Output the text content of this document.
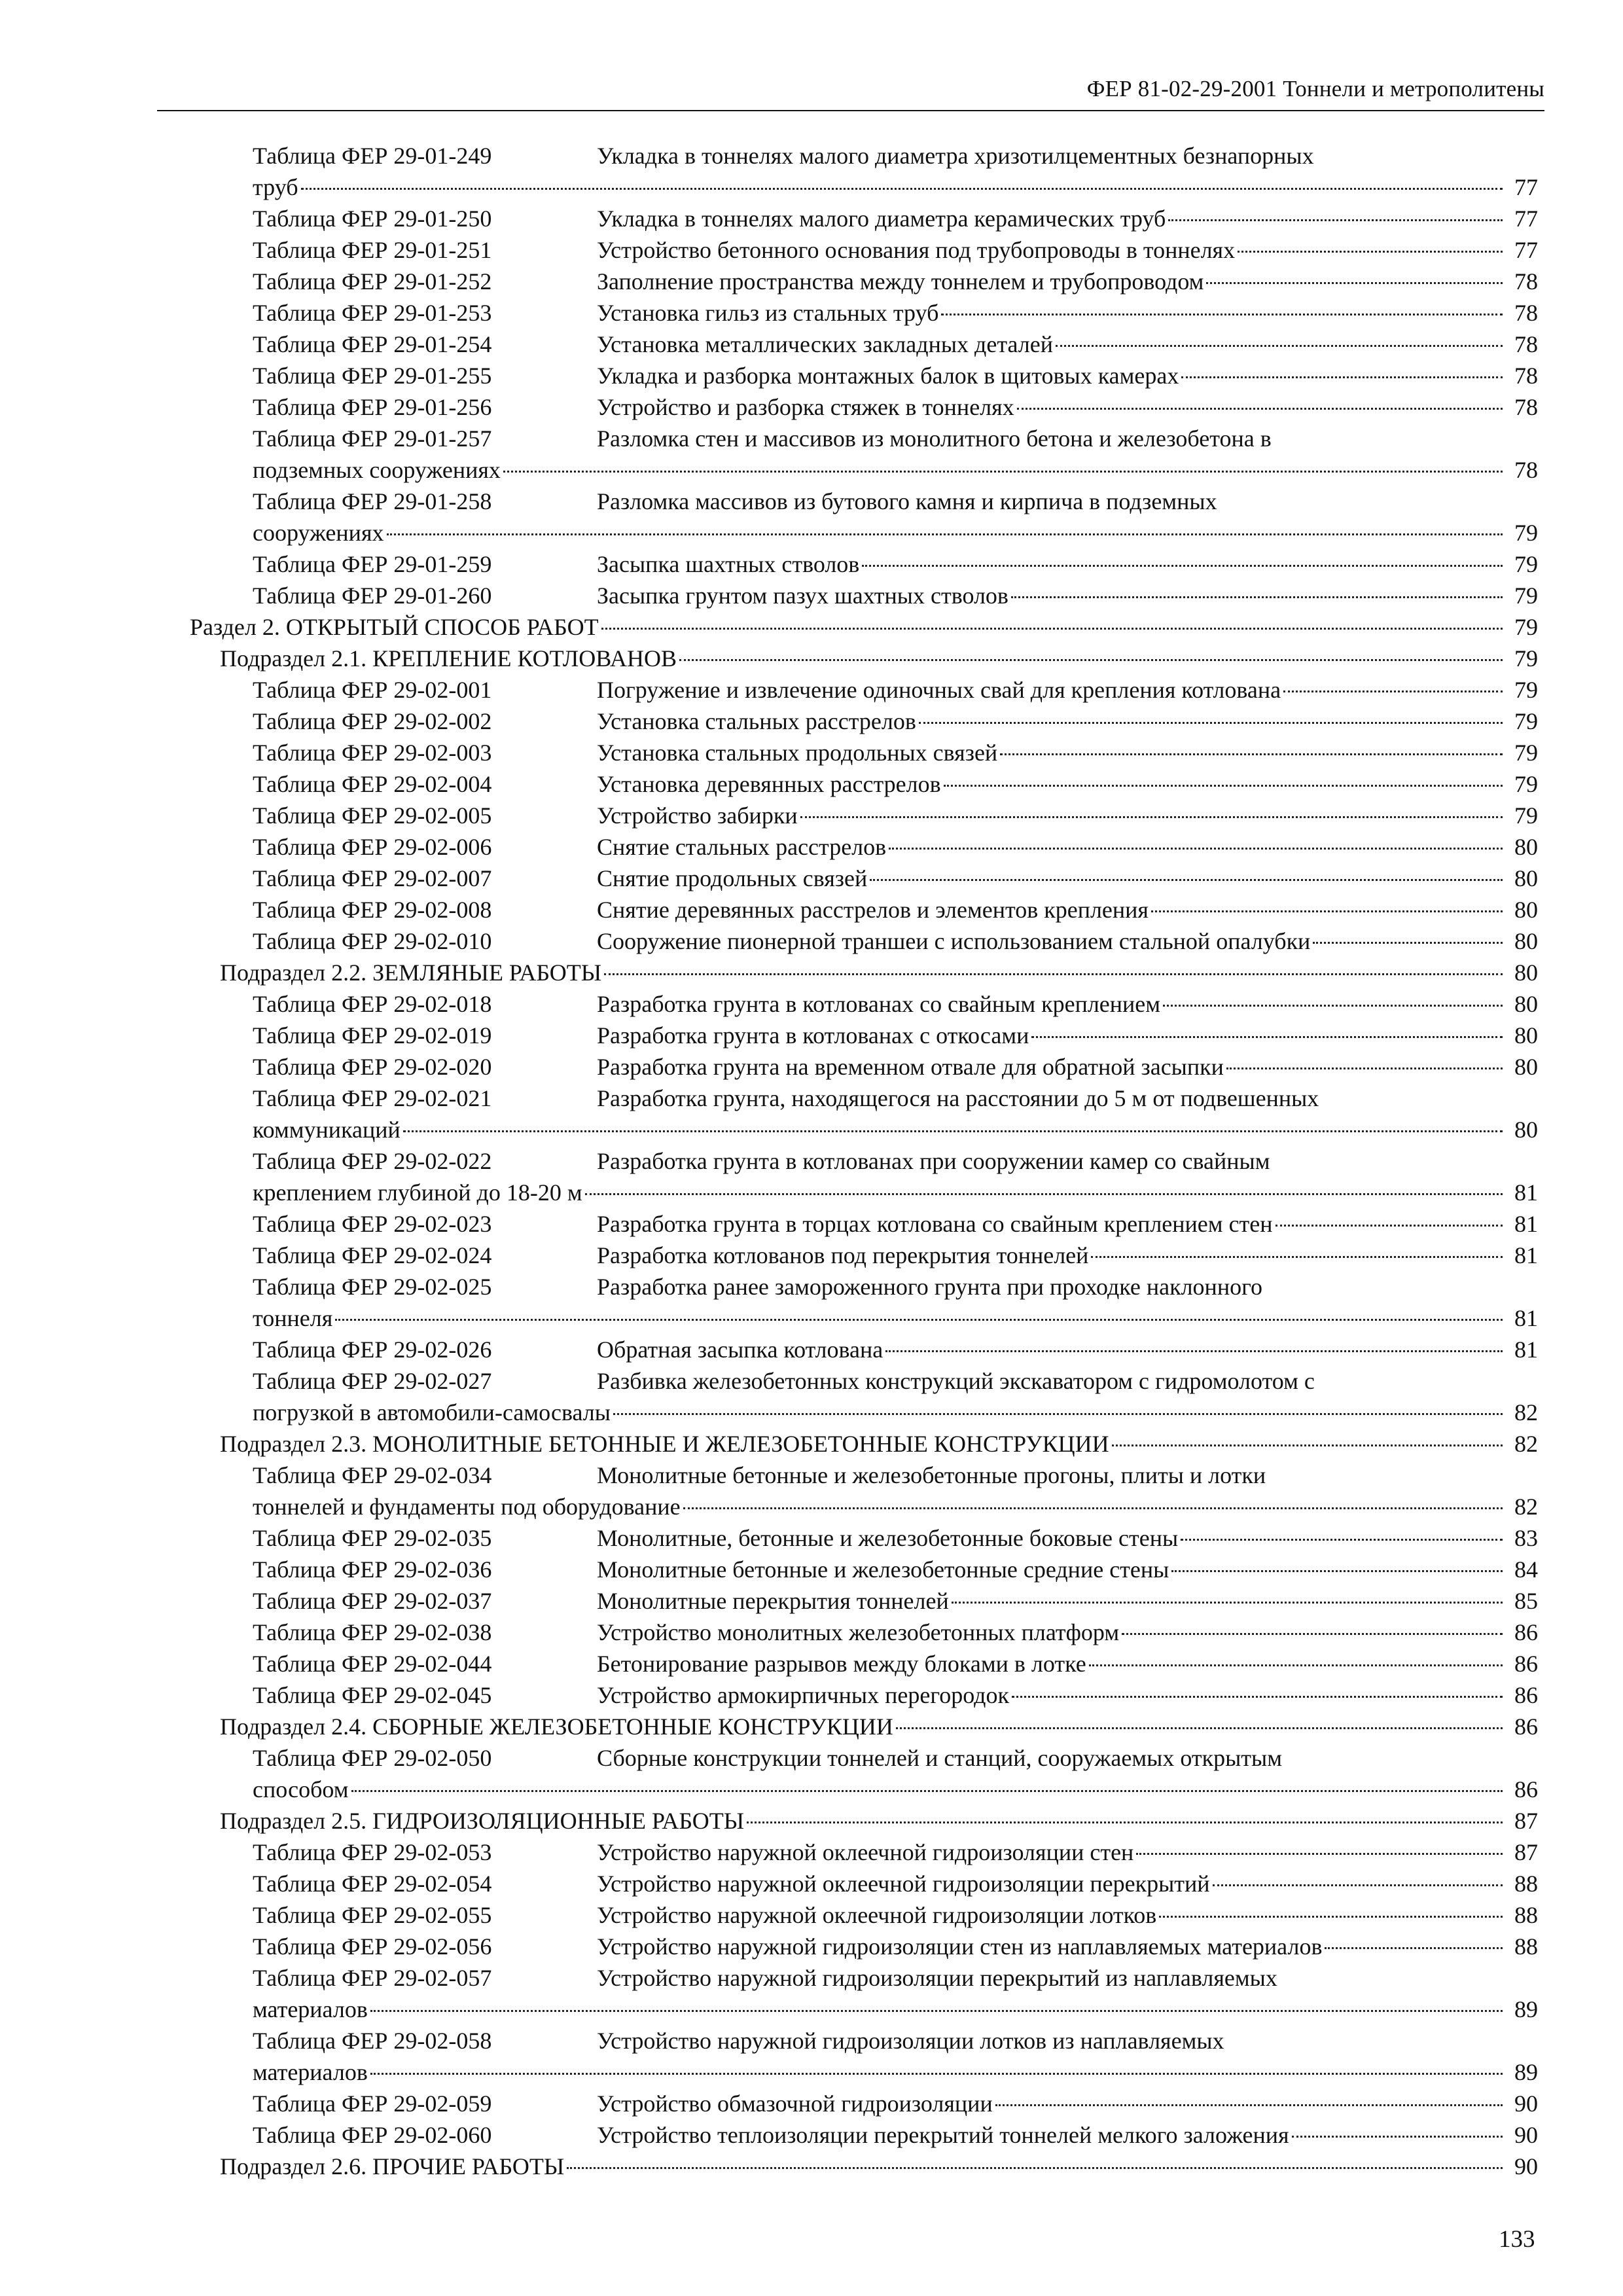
ФЕР 81-02-29-2001 Тоннели и метрополитены
Таблица ФЕР 29-01-249	Укладка в тоннелях малого диаметра хризотилцементных безнапорных
труб	77
Таблица ФЕР 29-01-250	Укладка в тоннелях малого диаметра керамических труб	77
Таблица ФЕР 29-01-251	Устройство бетонного основания под трубопроводы в тоннелях	77
Таблица ФЕР 29-01-252	Заполнение пространства между тоннелем и трубопроводом	78
Таблица ФЕР 29-01-253	Установка гильз из стальных труб	78
Таблица ФЕР 29-01-254	Установка металлических закладных деталей	78
Таблица ФЕР 29-01-255	Укладка и разборка монтажных балок в щитовых камерах	78
Таблица ФЕР 29-01-256	Устройство и разборка стяжек в тоннелях	78
Таблица ФЕР 29-01-257	Разломка стен и массивов из монолитного бетона и железобетона в
подземных сооружениях	78
Таблица ФЕР 29-01-258	Разломка массивов из бутового камня и кирпича в подземных
сооружениях	79
Таблица ФЕР 29-01-259	Засыпка шахтных стволов	79
Таблица ФЕР 29-01-260	Засыпка грунтом пазух шахтных стволов	79
Раздел 2. ОТКРЫТЫЙ СПОСОБ РАБОТ	79
Подраздел 2.1. КРЕПЛЕНИЕ КОТЛОВАНОВ	79
Таблица ФЕР 29-02-001	Погружение и извлечение одиночных свай для крепления котлована	79
Таблица ФЕР 29-02-002	Установка стальных расстрелов	79
Таблица ФЕР 29-02-003	Установка стальных продольных связей	79
Таблица ФЕР 29-02-004	Установка деревянных расстрелов	79
Таблица ФЕР 29-02-005	Устройство забирки	79
Таблица ФЕР 29-02-006	Снятие стальных расстрелов	80
Таблица ФЕР 29-02-007	Снятие продольных связей	80
Таблица ФЕР 29-02-008	Снятие деревянных расстрелов и элементов крепления	80
Таблица ФЕР 29-02-010	Сооружение пионерной траншеи с использованием стальной опалубки	80
Подраздел 2.2. ЗЕМЛЯНЫЕ РАБОТЫ	80
Таблица ФЕР 29-02-018	Разработка грунта в котлованах со свайным креплением	80
Таблица ФЕР 29-02-019	Разработка грунта в котлованах с откосами	80
Таблица ФЕР 29-02-020	Разработка грунта на временном отвале для обратной засыпки	80
Таблица ФЕР 29-02-021	Разработка грунта, находящегося на расстоянии до 5 м от подвешенных
коммуникаций	80
Таблица ФЕР 29-02-022	Разработка грунта в котлованах при сооружении камер со свайным
креплением глубиной до 18-20 м	81
Таблица ФЕР 29-02-023	Разработка грунта в торцах котлована со свайным креплением стен	81
Таблица ФЕР 29-02-024	Разработка котлованов под перекрытия тоннелей	81
Таблица ФЕР 29-02-025	Разработка ранее замороженного грунта при проходке наклонного
тоннеля	81
Таблица ФЕР 29-02-026	Обратная засыпка котлована	81
Таблица ФЕР 29-02-027	Разбивка железобетонных конструкций экскаватором с гидромолотом с
погрузкой в автомобили-самосвалы	82
Подраздел 2.3. МОНОЛИТНЫЕ БЕТОННЫЕ И ЖЕЛЕЗОБЕТОННЫЕ КОНСТРУКЦИИ	82
Таблица ФЕР 29-02-034	Монолитные бетонные и железобетонные прогоны, плиты и лотки
тоннелей и фундаменты под оборудование	82
Таблица ФЕР 29-02-035	Монолитные, бетонные и железобетонные боковые стены	83
Таблица ФЕР 29-02-036	Монолитные бетонные и железобетонные средние стены	84
Таблица ФЕР 29-02-037	Монолитные перекрытия тоннелей	85
Таблица ФЕР 29-02-038	Устройство монолитных железобетонных платформ	86
Таблица ФЕР 29-02-044	Бетонирование разрывов между блоками в лотке	86
Таблица ФЕР 29-02-045	Устройство армокирпичных перегородок	86
Подраздел 2.4. СБОРНЫЕ ЖЕЛЕЗОБЕТОННЫЕ КОНСТРУКЦИИ	86
Таблица ФЕР 29-02-050	Сборные конструкции тоннелей и станций, сооружаемых открытым
способом	86
Подраздел 2.5. ГИДРОИЗОЛЯЦИОННЫЕ РАБОТЫ	87
Таблица ФЕР 29-02-053	Устройство наружной оклеечной гидроизоляции стен	87
Таблица ФЕР 29-02-054	Устройство наружной оклеечной гидроизоляции перекрытий	88
Таблица ФЕР 29-02-055	Устройство наружной оклеечной гидроизоляции лотков	88
Таблица ФЕР 29-02-056	Устройство наружной гидроизоляции стен из наплавляемых материалов	88
Таблица ФЕР 29-02-057	Устройство наружной гидроизоляции перекрытий из наплавляемых
материалов	89
Таблица ФЕР 29-02-058	Устройство наружной гидроизоляции лотков из наплавляемых
материалов	89
Таблица ФЕР 29-02-059	Устройство обмазочной гидроизоляции	90
Таблица ФЕР 29-02-060	Устройство теплоизоляции перекрытий тоннелей мелкого заложения	90
Подраздел 2.6. ПРОЧИЕ РАБОТЫ	90
133
